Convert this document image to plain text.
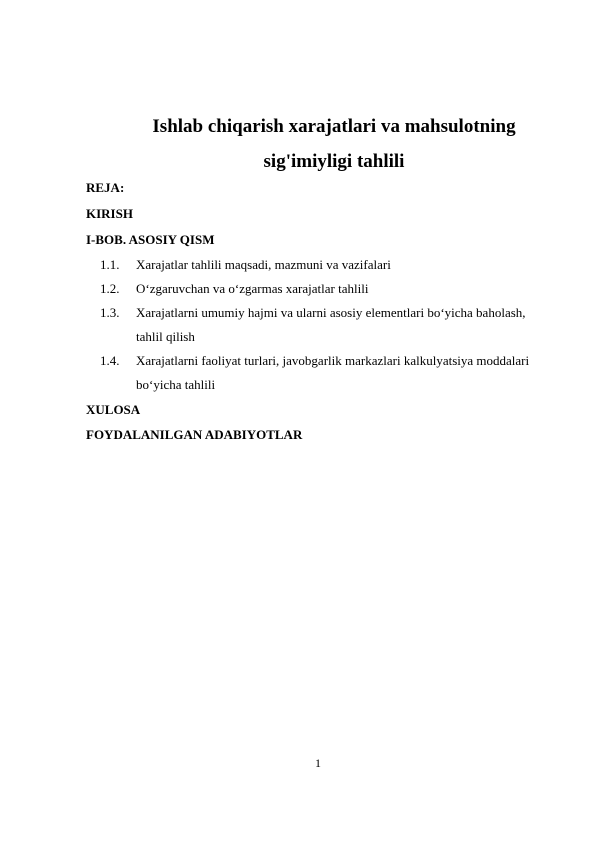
Ishlab chiqarish xarajatlari va mahsulotning
sig'imiyligi tahlili
REJA:
KIRISH
I-BOB. ASOSIY QISM
1.1.	Xarajatlar tahlili maqsadi, mazmuni va vazifalari
1.2.	O‘zgaruvchan va o‘zgarmas xarajatlar tahlili
1.3.	Xarajatlarni umumiy hajmi va ularni asosiy elementlari bo‘yicha baholash, tahlil qilish
1.4.	Xarajatlarni faoliyat turlari, javobgarlik markazlari kalkulyatsiya moddalari bo‘yicha tahlili
XULOSA
FOYDALANILGAN ADABIYOTLAR
1
